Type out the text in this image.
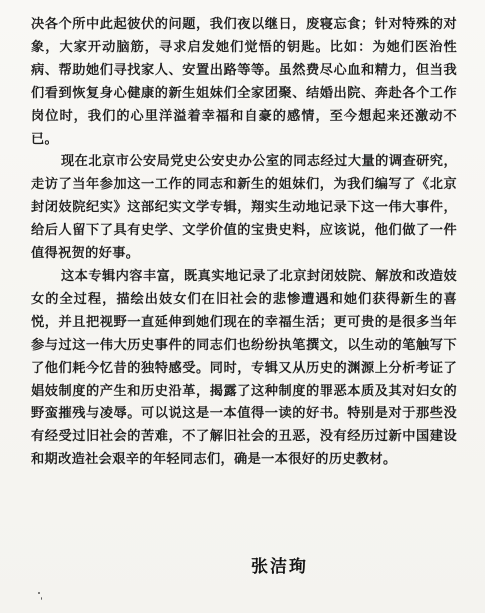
决各个所中此起彼伏的问题，我们夜以继日，废寝忘食；针对特殊的对象，大家开动脑筋，寻求启发她们觉悟的钥匙。比如：为她们医治性病、帮助她们寻找家人、安置出路等等。虽然费尽心血和精力，但当我们看到恢复身心健康的新生姐妹们全家团聚、结婚出院、奔赴各个工作岗位时，我们的心里洋溢着幸福和自豪的感情，至今想起来还激动不已。

现在北京市公安局党史公安史办公室的同志经过大量的调查研究，走访了当年参加这一工作的同志和新生的姐妹们，为我们编写了《北京封闭妓院纪实》这部纪实文学专辑，翔实生动地记录下这一伟大事件，给后人留下了具有史学、文学价值的宝贵史料，应该说，他们做了一件值得祝贺的好事。

这本专辑内容丰富，既真实地记录了北京封闭妓院、解放和改造妓女的全过程，描绘出妓女们在旧社会的悲惨遭遇和她们获得新生的喜悦，并且把视野一直延伸到她们现在的幸福生活；更可贵的是很多当年参与过这一伟大历史事件的同志们也纷纷执笔撰文，以生动的笔触写下了他们耗今忆昔的独特感受。同时，专辑又从历史的渊源上分析考证了娼妓制度的产生和历史沿革，揭露了这种制度的罪恶本质及其对妇女的野蛮摧残与凌辱。可以说这是一本值得一读的好书。特别是对于那些没有经受过旧社会的苦难，不了解旧社会的丑恶，没有经历过新中国建设和期改造社会艰辛的年轻同志们，确是一本很好的历史教材。

张洁珣
